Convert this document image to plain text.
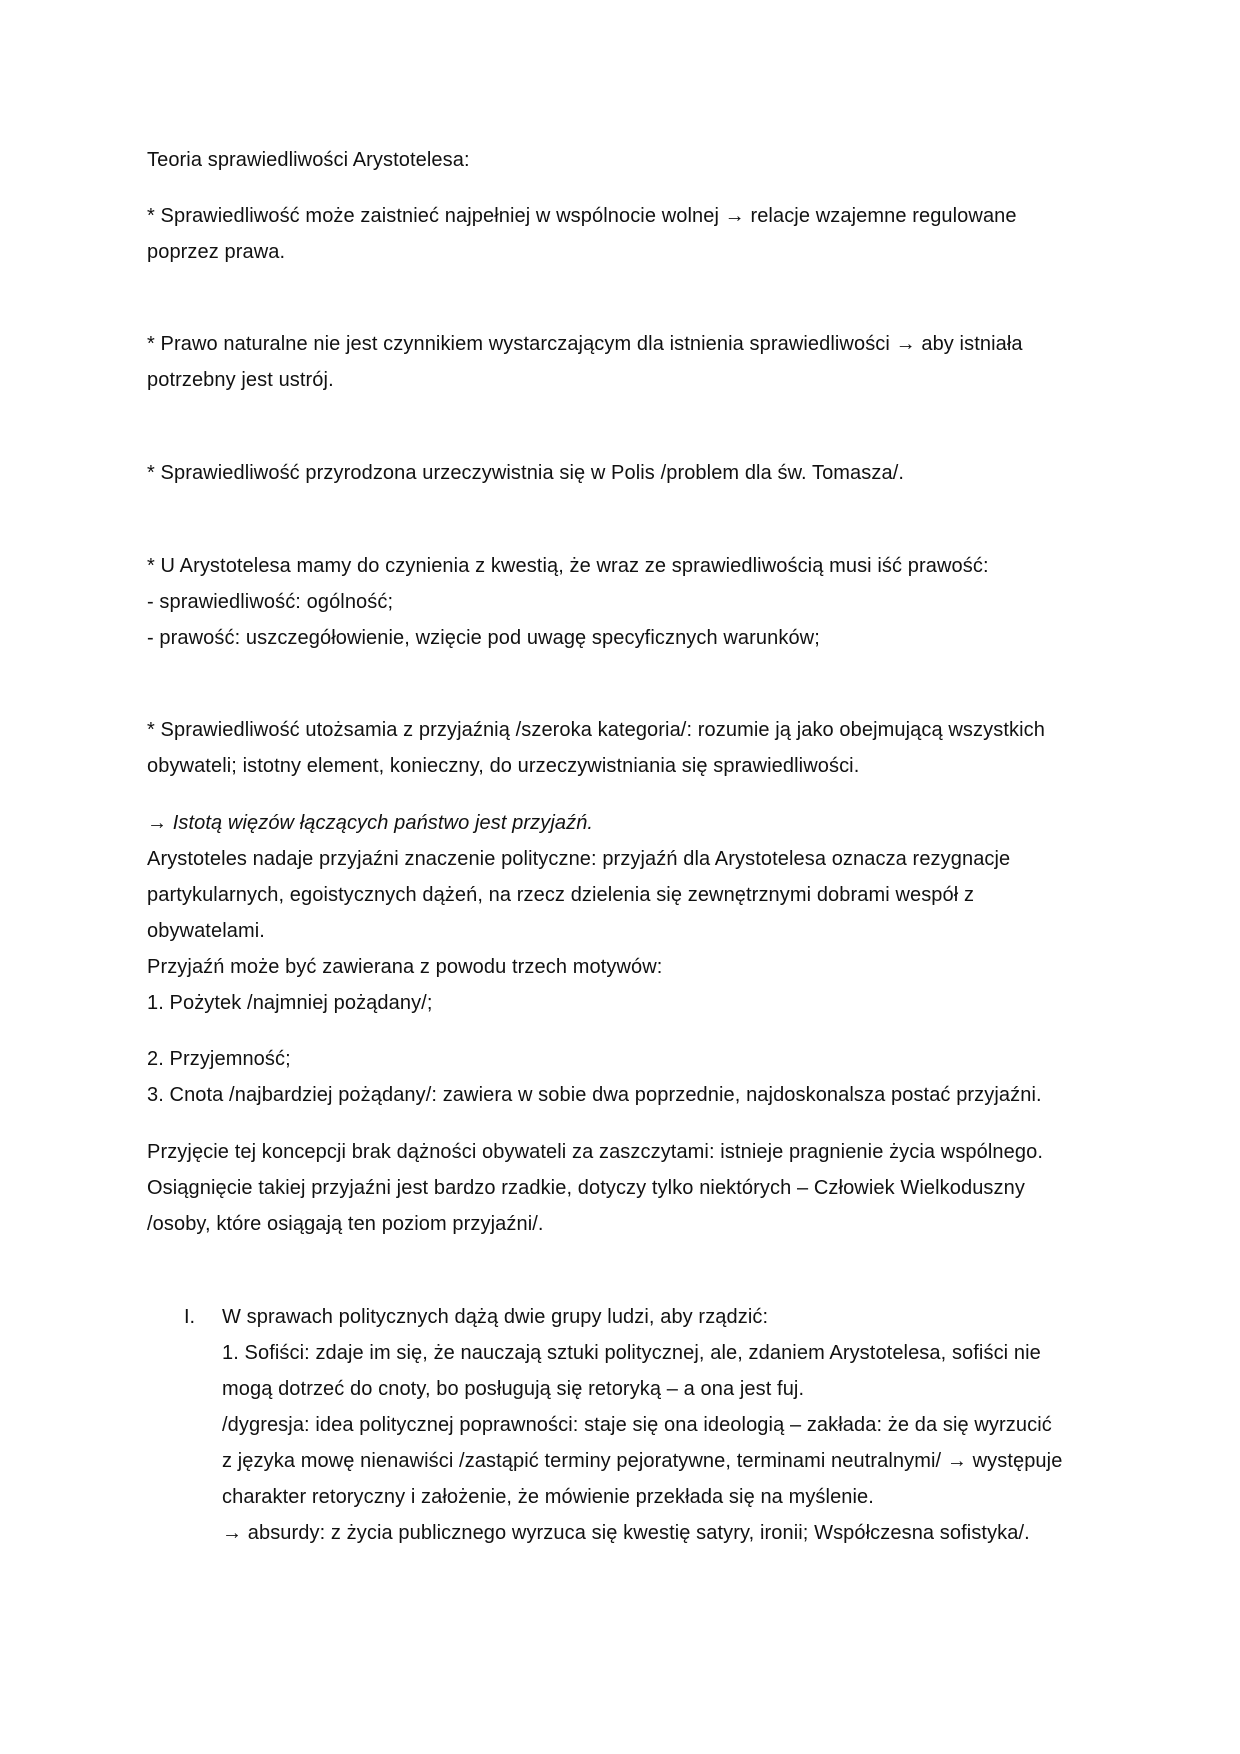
Teoria sprawiedliwości Arystotelesa:
* Sprawiedliwość może zaistnieć najpełniej w wspólnocie wolnej → relacje wzajemne regulowane
poprzez prawa.
* Prawo naturalne nie jest czynnikiem wystarczającym dla istnienia sprawiedliwości → aby istniała
potrzebny jest ustrój.
* Sprawiedliwość przyrodzona urzeczywistnia się w Polis /problem dla św. Tomasza/.
* U Arystotelesa mamy do czynienia z kwestią, że wraz ze sprawiedliwością musi iść prawość:
- sprawiedliwość: ogólność;
- prawość: uszczegółowienie, wzięcie pod uwagę specyficznych warunków;
* Sprawiedliwość utożsamia z przyjaźnią /szeroka kategoria/: rozumie ją jako obejmującą wszystkich
obywateli; istotny element, konieczny, do urzeczywistniania się sprawiedliwości.
→ Istotą więzów łączących państwo jest przyjaźń.
Arystoteles nadaje przyjaźni znaczenie polityczne: przyjaźń dla Arystotelesa oznacza rezygnacje
partykularnych, egoistycznych dążeń, na rzecz dzielenia się zewnętrznymi dobrami wespół z
obywatelami.
Przyjaźń może być zawierana z powodu trzech motywów:
1. Pożytek /najmniej pożądany/;
2. Przyjemność;
3. Cnota /najbardziej pożądany/: zawiera w sobie dwa poprzednie, najdoskonalsza postać przyjaźni.
Przyjęcie tej koncepcji brak dążności obywateli za zaszczytami: istnieje pragnienie życia wspólnego.
Osiągnięcie takiej przyjaźni jest bardzo rzadkie, dotyczy tylko niektórych – Człowiek Wielkoduszny
/osoby, które osiągają ten poziom przyjaźni/.
I. W sprawach politycznych dążą dwie grupy ludzi, aby rządzić:
1. Sofiści: zdaje im się, że nauczają sztuki politycznej, ale, zdaniem Arystotelesa, sofiści nie
mogą dotrzeć do cnoty, bo posługują się retoryką – a ona jest fuj.
/dygresja: idea politycznej poprawności: staje się ona ideologią – zakłada: że da się wyrzucić
z języka mowę nienawiści /zastąpić terminy pejoratywne, terminami neutralnymi/ → występuje
charakter retoryczny i założenie, że mówienie przekłada się na myślenie.
→ absurdy: z życia publicznego wyrzuca się kwestię satyry, ironii; Współczesna sofistyka/.
